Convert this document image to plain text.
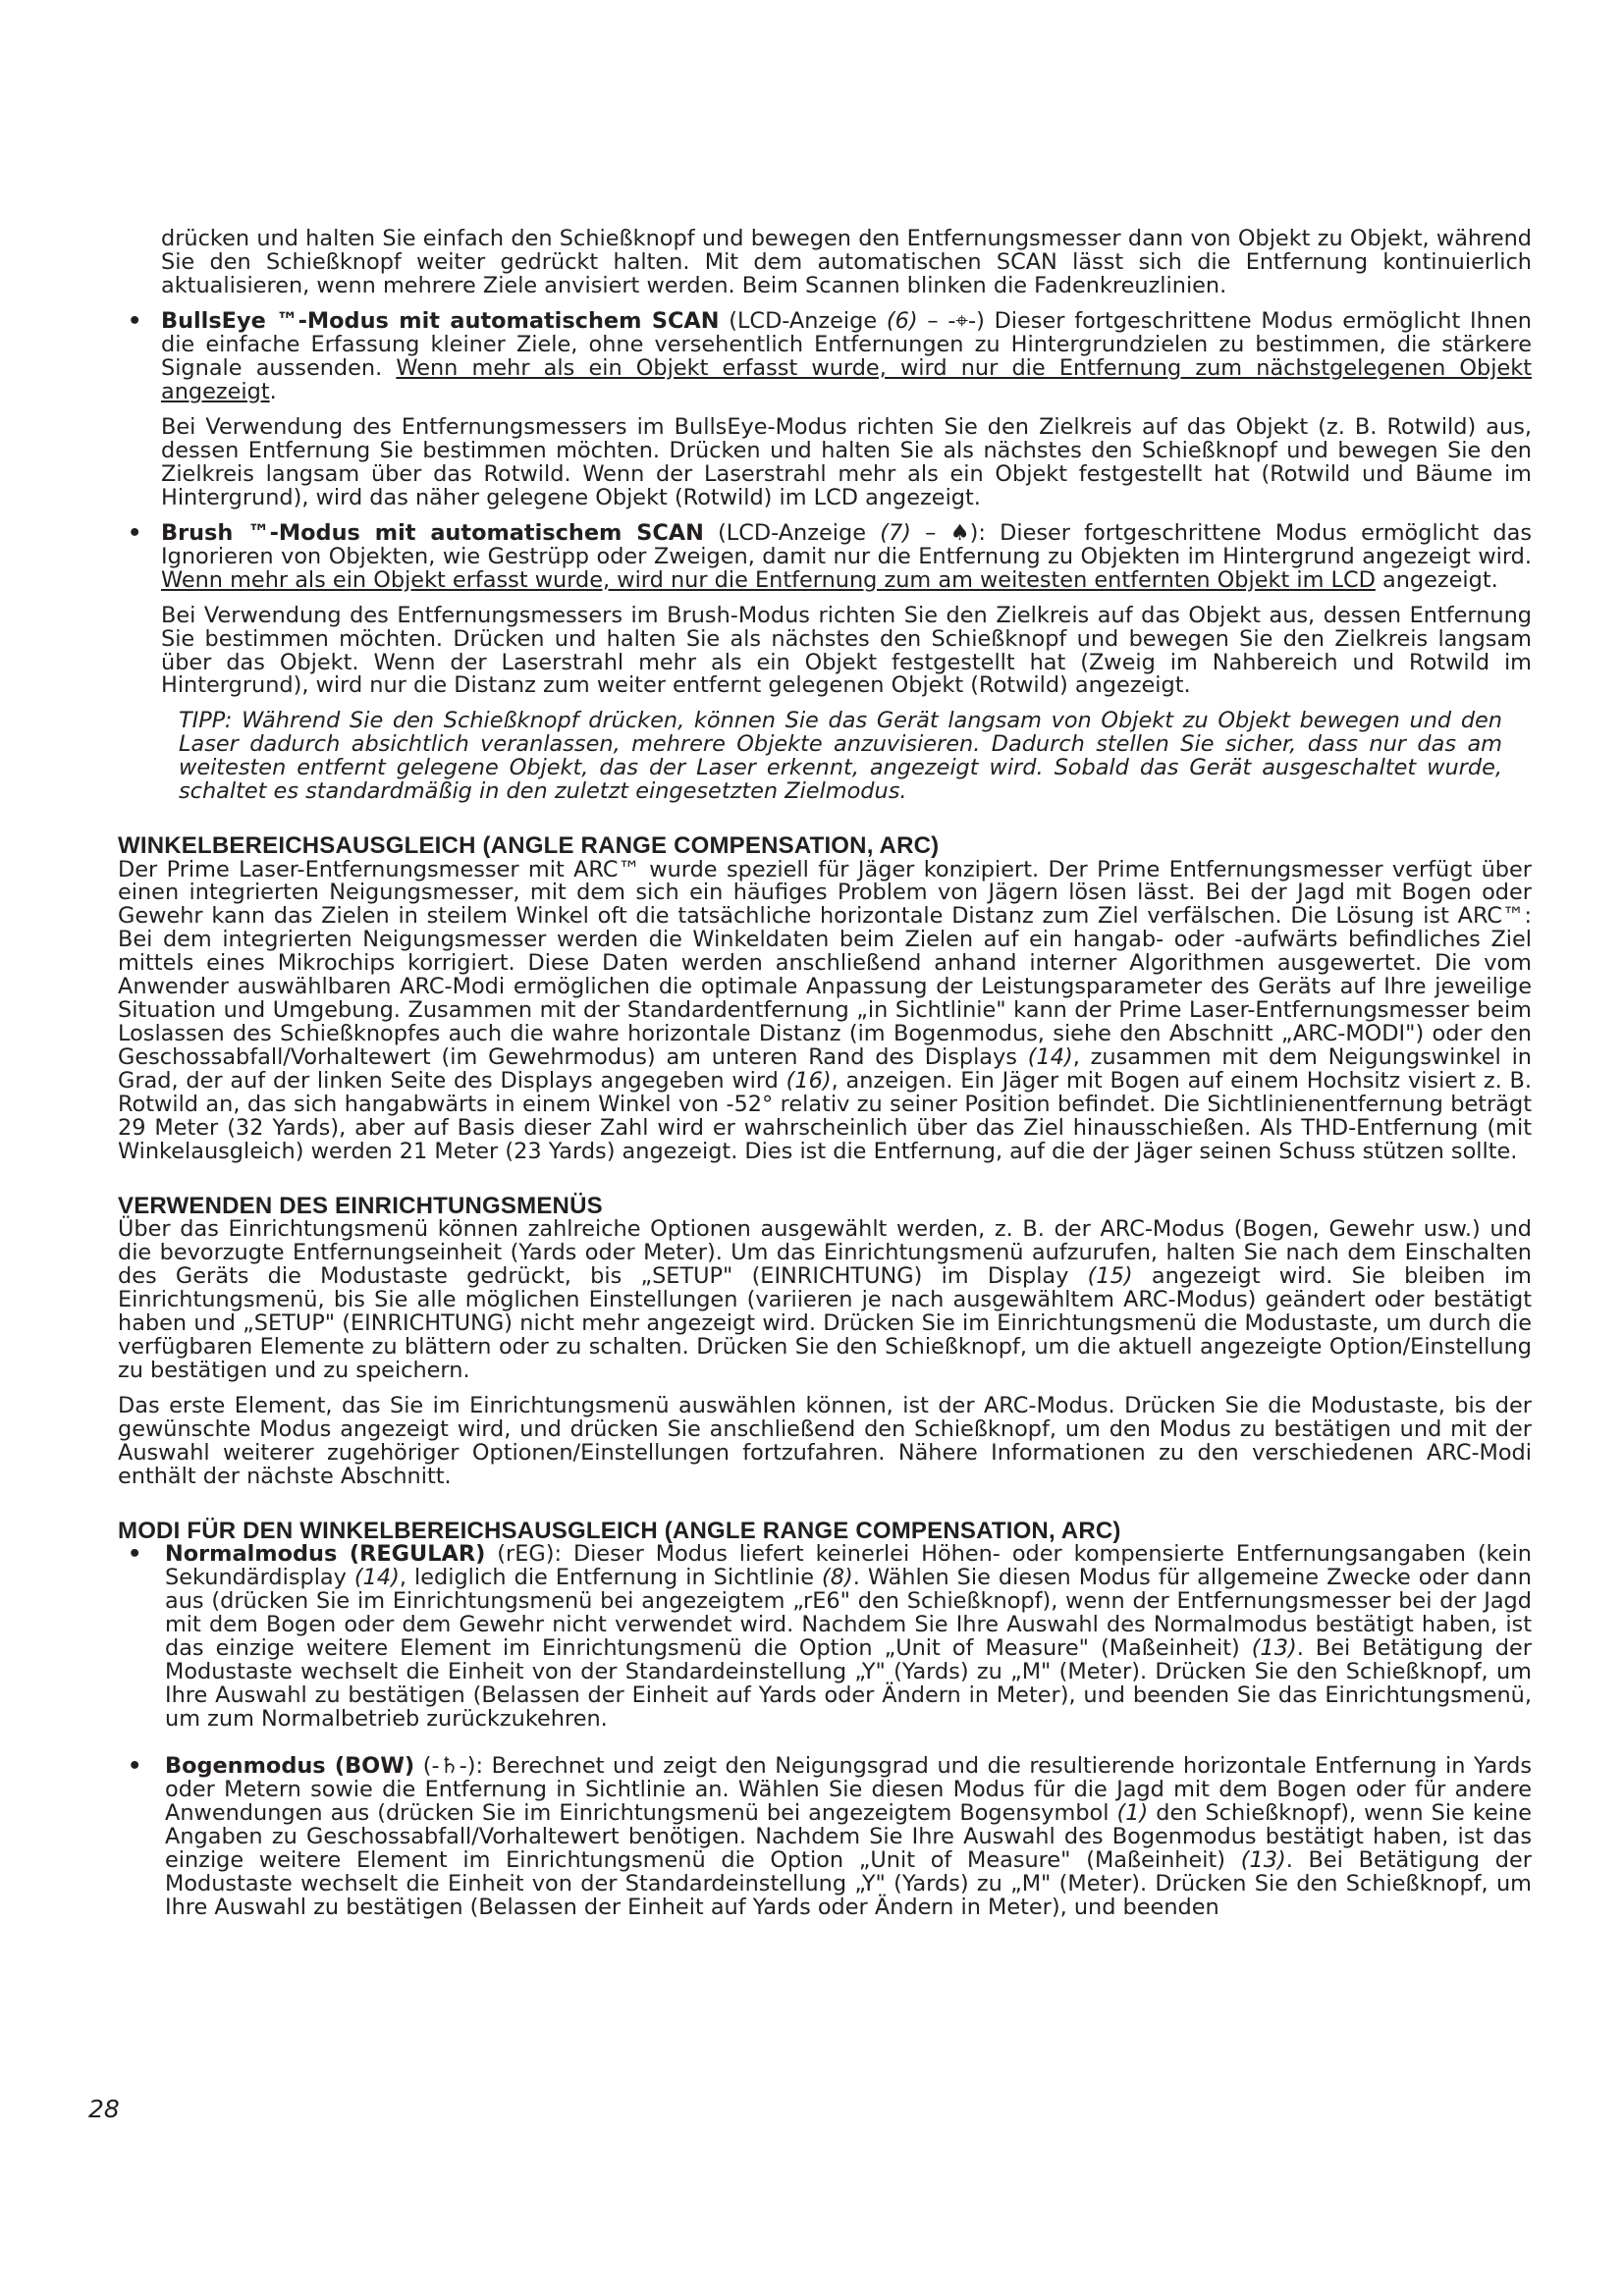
drücken und halten Sie einfach den Schießknopf und bewegen den Entfernungsmesser dann von Objekt zu Objekt, während Sie den Schießknopf weiter gedrückt halten. Mit dem automatischen SCAN lässt sich die Entfernung kontinuierlich aktualisieren, wenn mehrere Ziele anvisiert werden. Beim Scannen blinken die Fadenkreuzlinien.

• BullsEye ™-Modus mit automatischem SCAN (LCD-Anzeige (6) – -⌖-) Dieser fortgeschrittene Modus ermöglicht Ihnen die einfache Erfassung kleiner Ziele, ohne versehentlich Entfernungen zu Hintergrundzielen zu bestimmen, die stärkere Signale aussenden. Wenn mehr als ein Objekt erfasst wurde, wird nur die Entfernung zum nächstgelegenen Objekt angezeigt.

Bei Verwendung des Entfernungsmessers im BullsEye-Modus richten Sie den Zielkreis auf das Objekt (z. B. Rotwild) aus, dessen Entfernung Sie bestimmen möchten. Drücken und halten Sie als nächstes den Schießknopf und bewegen Sie den Zielkreis langsam über das Rotwild. Wenn der Laserstrahl mehr als ein Objekt festgestellt hat (Rotwild und Bäume im Hintergrund), wird das näher gelegene Objekt (Rotwild) im LCD angezeigt.

• Brush ™-Modus mit automatischem SCAN (LCD-Anzeige (7) – ♠): Dieser fortgeschrittene Modus ermöglicht das Ignorieren von Objekten, wie Gestrüpp oder Zweigen, damit nur die Entfernung zu Objekten im Hintergrund angezeigt wird. Wenn mehr als ein Objekt erfasst wurde, wird nur die Entfernung zum am weitesten entfernten Objekt im LCD angezeigt.

Bei Verwendung des Entfernungsmessers im Brush-Modus richten Sie den Zielkreis auf das Objekt aus, dessen Entfernung Sie bestimmen möchten. Drücken und halten Sie als nächstes den Schießknopf und bewegen Sie den Zielkreis langsam über das Objekt. Wenn der Laserstrahl mehr als ein Objekt festgestellt hat (Zweig im Nahbereich und Rotwild im Hintergrund), wird nur die Distanz zum weiter entfernt gelegenen Objekt (Rotwild) angezeigt.

TIPP: Während Sie den Schießknopf drücken, können Sie das Gerät langsam von Objekt zu Objekt bewegen und den Laser dadurch absichtlich veranlassen, mehrere Objekte anzuvisieren. Dadurch stellen Sie sicher, dass nur das am weitesten entfernt gelegene Objekt, das der Laser erkennt, angezeigt wird. Sobald das Gerät ausgeschaltet wurde, schaltet es standardmäßig in den zuletzt eingesetzten Zielmodus.

WINKELBEREICHSAUSGLEICH (ANGLE RANGE COMPENSATION, ARC)

Der Prime Laser-Entfernungsmesser mit ARC™ wurde speziell für Jäger konzipiert. Der Prime Entfernungsmesser verfügt über einen integrierten Neigungsmesser, mit dem sich ein häufiges Problem von Jägern lösen lässt. Bei der Jagd mit Bogen oder Gewehr kann das Zielen in steilem Winkel oft die tatsächliche horizontale Distanz zum Ziel verfälschen. Die Lösung ist ARC™: Bei dem integrierten Neigungsmesser werden die Winkeldaten beim Zielen auf ein hangab- oder -aufwärts befindliches Ziel mittels eines Mikrochips korrigiert. Diese Daten werden anschließend anhand interner Algorithmen ausgewertet. Die vom Anwender auswählbaren ARC-Modi ermöglichen die optimale Anpassung der Leistungsparameter des Geräts auf Ihre jeweilige Situation und Umgebung. Zusammen mit der Standardentfernung „in Sichtlinie" kann der Prime Laser-Entfernungsmesser beim Loslassen des Schießknopfes auch die wahre horizontale Distanz (im Bogenmodus, siehe den Abschnitt „ARC-MODI") oder den Geschossabfall/Vorhaltewert (im Gewehrmodus) am unteren Rand des Displays (14), zusammen mit dem Neigungswinkel in Grad, der auf der linken Seite des Displays angegeben wird (16), anzeigen. Ein Jäger mit Bogen auf einem Hochsitz visiert z. B. Rotwild an, das sich hangabwärts in einem Winkel von -52° relativ zu seiner Position befindet. Die Sichtlinienentfernung beträgt 29 Meter (32 Yards), aber auf Basis dieser Zahl wird er wahrscheinlich über das Ziel hinausschießen. Als THD-Entfernung (mit Winkelausgleich) werden 21 Meter (23 Yards) angezeigt. Dies ist die Entfernung, auf die der Jäger seinen Schuss stützen sollte.

VERWENDEN DES EINRICHTUNGSMENÜS

Über das Einrichtungsmenü können zahlreiche Optionen ausgewählt werden, z. B. der ARC-Modus (Bogen, Gewehr usw.) und die bevorzugte Entfernungseinheit (Yards oder Meter). Um das Einrichtungsmenü aufzurufen, halten Sie nach dem Einschalten des Geräts die Modustaste gedrückt, bis „SETUP" (EINRICHTUNG) im Display (15) angezeigt wird. Sie bleiben im Einrichtungsmenü, bis Sie alle möglichen Einstellungen (variieren je nach ausgewähltem ARC-Modus) geändert oder bestätigt haben und „SETUP" (EINRICHTUNG) nicht mehr angezeigt wird. Drücken Sie im Einrichtungsmenü die Modustaste, um durch die verfügbaren Elemente zu blättern oder zu schalten. Drücken Sie den Schießknopf, um die aktuell angezeigte Option/Einstellung zu bestätigen und zu speichern.

Das erste Element, das Sie im Einrichtungsmenü auswählen können, ist der ARC-Modus. Drücken Sie die Modustaste, bis der gewünschte Modus angezeigt wird, und drücken Sie anschließend den Schießknopf, um den Modus zu bestätigen und mit der Auswahl weiterer zugehöriger Optionen/Einstellungen fortzufahren. Nähere Informationen zu den verschiedenen ARC-Modi enthält der nächste Abschnitt.

MODI FÜR DEN WINKELBEREICHSAUSGLEICH (ANGLE RANGE COMPENSATION, ARC)
• Normalmodus (REGULAR) (rEG): Dieser Modus liefert keinerlei Höhen- oder kompensierte Entfernungsangaben (kein Sekundärdisplay (14), lediglich die Entfernung in Sichtlinie (8). Wählen Sie diesen Modus für allgemeine Zwecke oder dann aus (drücken Sie im Einrichtungsmenü bei angezeigtem „rE6" den Schießknopf), wenn der Entfernungsmesser bei der Jagd mit dem Bogen oder dem Gewehr nicht verwendet wird. Nachdem Sie Ihre Auswahl des Normalmodus bestätigt haben, ist das einzige weitere Element im Einrichtungsmenü die Option „Unit of Measure" (Maßeinheit) (13). Bei Betätigung der Modustaste wechselt die Einheit von der Standardeinstellung „Y" (Yards) zu „M" (Meter). Drücken Sie den Schießknopf, um Ihre Auswahl zu bestätigen (Belassen der Einheit auf Yards oder Ändern in Meter), und beenden Sie das Einrichtungsmenü, um zum Normalbetrieb zurückzukehren.

• Bogenmodus (BOW) (-♄-): Berechnet und zeigt den Neigungsgrad und die resultierende horizontale Entfernung in Yards oder Metern sowie die Entfernung in Sichtlinie an. Wählen Sie diesen Modus für die Jagd mit dem Bogen oder für andere Anwendungen aus (drücken Sie im Einrichtungsmenü bei angezeigtem Bogensymbol (1) den Schießknopf), wenn Sie keine Angaben zu Geschossabfall/Vorhaltewert benötigen. Nachdem Sie Ihre Auswahl des Bogenmodus bestätigt haben, ist das einzige weitere Element im Einrichtungsmenü die Option „Unit of Measure" (Maßeinheit) (13). Bei Betätigung der Modustaste wechselt die Einheit von der Standardeinstellung „Y" (Yards) zu „M" (Meter). Drücken Sie den Schießknopf, um Ihre Auswahl zu bestätigen (Belassen der Einheit auf Yards oder Ändern in Meter), und beenden

28
